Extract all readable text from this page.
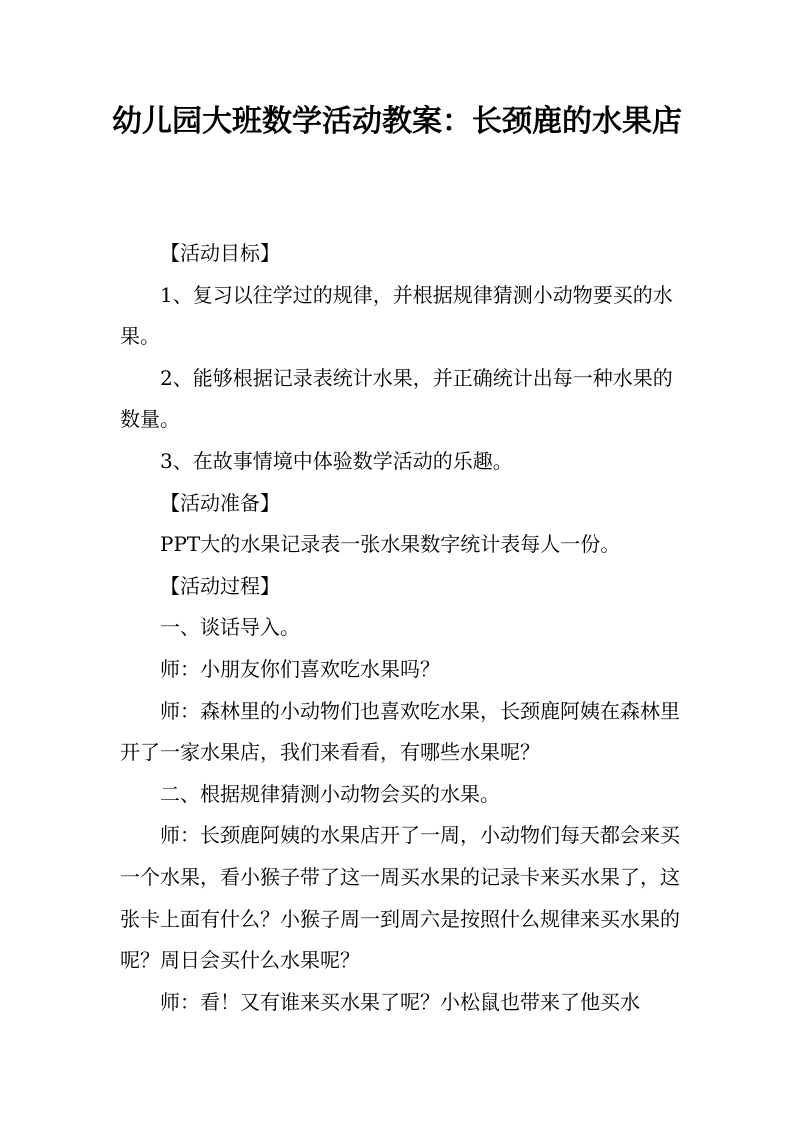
幼儿园大班数学活动教案：长颈鹿的水果店

【活动目标】

1、复习以往学过的规律，并根据规律猜测小动物要买的水果。

2、能够根据记录表统计水果，并正确统计出每一种水果的数量。

3、在故事情境中体验数学活动的乐趣。

【活动准备】

PPT大的水果记录表一张水果数字统计表每人一份。

【活动过程】

一、谈话导入。

师：小朋友你们喜欢吃水果吗？

师：森林里的小动物们也喜欢吃水果，长颈鹿阿姨在森林里开了一家水果店，我们来看看，有哪些水果呢？

二、根据规律猜测小动物会买的水果。

师：长颈鹿阿姨的水果店开了一周，小动物们每天都会来买一个水果，看小猴子带了这一周买水果的记录卡来买水果了，这张卡上面有什么？小猴子周一到周六是按照什么规律来买水果的呢？周日会买什么水果呢？

师：看！又有谁来买水果了呢？小松鼠也带来了他买水
